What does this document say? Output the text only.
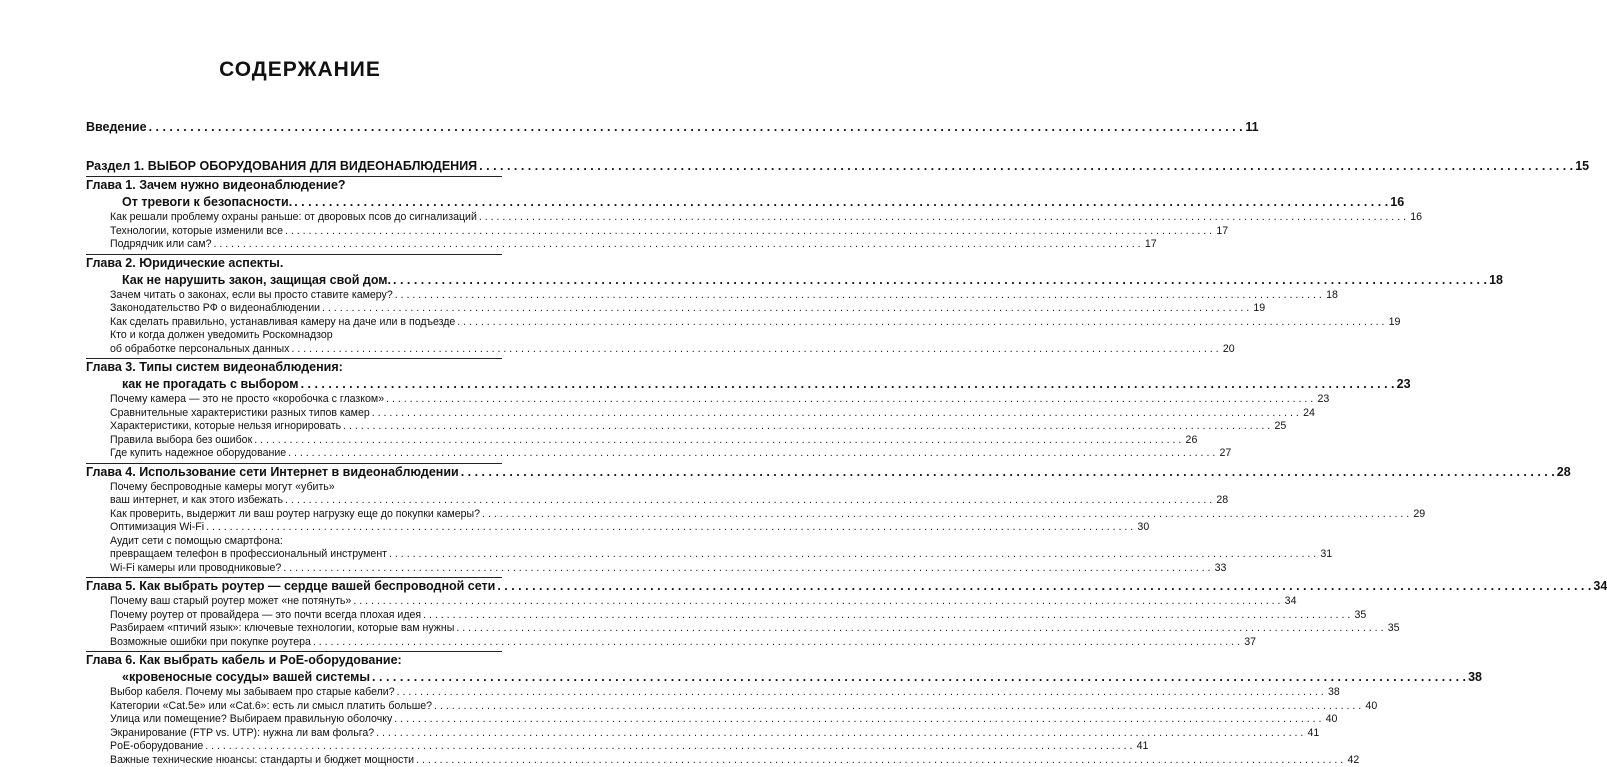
СОДЕРЖАНИЕ
Введение . . .	11
Раздел 1. ВЫБОР ОБОРУДОВАНИЯ ДЛЯ ВИДЕОНАБЛЮДЕНИЯ . . .	15
Глава 1. Зачем нужно видеонаблюдение?
От тревоги к безопасности. . . .	16
Как решали проблему охраны раньше: от дворовых псов до сигнализаций . . .	16
Технологии, которые изменили все . . .	17
Подрядчик или сам? . . .	17
Глава 2. Юридические аспекты.
Как не нарушить закон, защищая свой дом. . . .	18
Зачем читать о законах, если вы просто ставите камеру? . . .	18
Законодательство РФ о видеонаблюдении . . .	19
Как сделать правильно, устанавливая камеру на даче или в подъезде . . .	19
Кто и когда должен уведомить Роскомнадзор
об обработке персональных данных . . .	20
Глава 3. Типы систем видеонаблюдения:
как не прогадать с выбором . . .	23
Почему камера — это не просто «коробочка с глазком» . . .	23
Сравнительные характеристики разных типов камер . . .	24
Характеристики, которые нельзя игнорировать . . .	25
Правила выбора без ошибок . . .	26
Где купить надежное оборудование . . .	27
Глава 4. Использование сети Интернет в видеонаблюдении . . .	28
Почему беспроводные камеры могут «убить»
ваш интернет, и как этого избежать . . .	28
Как проверить, выдержит ли ваш роутер нагрузку еще до покупки камеры? . . .	29
Оптимизация Wi-Fi . . .	30
Аудит сети с помощью смартфона:
превращаем телефон в профессиональный инструмент . . .	31
Wi-Fi камеры или проводниковые? . . .	33
Глава 5. Как выбрать роутер — сердце вашей беспроводной сети . . .	34
Почему ваш старый роутер может «не потянуть» . . .	34
Почему роутер от провайдера — это почти всегда плохая идея . . .	35
Разбираем «птичий язык»: ключевые технологии, которые вам нужны . . .	35
Возможные ошибки при покупке роутера . . .	37
Глава 6. Как выбрать кабель и PoE-оборудование:
«кровеносные сосуды» вашей системы . . .	38
Выбор кабеля. Почему мы забываем про старые кабели? . . .	38
Категории «Cat.5e» или «Cat.6»: есть ли смысл платить больше? . . .	40
Улица или помещение? Выбираем правильную оболочку . . .	40
Экранирование (FTP vs. UTP): нужна ли вам фольга? . . .	41
PoE-оборудование . . .	41
Важные технические нюансы: стандарты и бюджет мощности . . .	42
